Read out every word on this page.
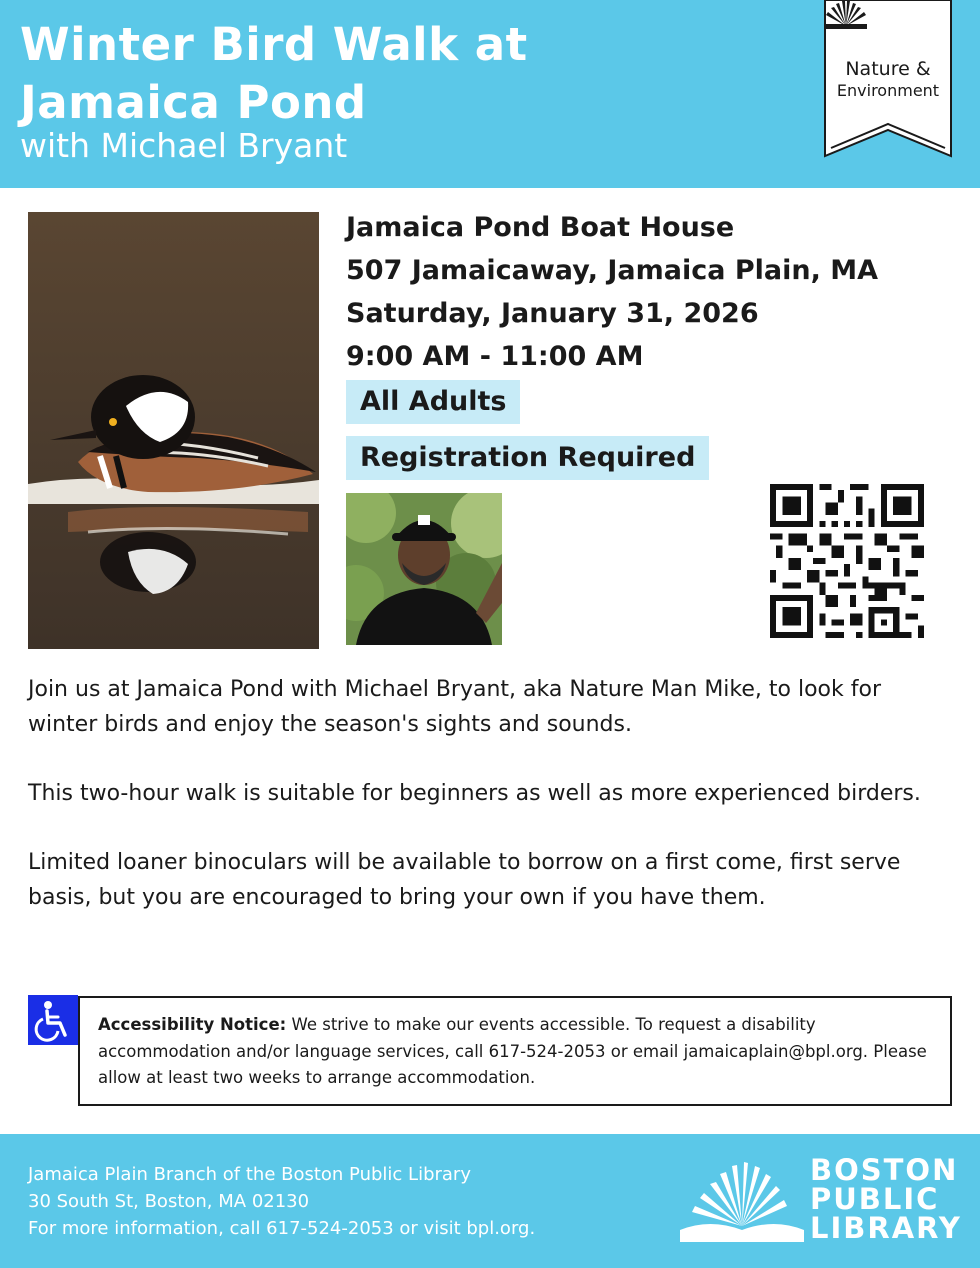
Winter Bird Walk at
Jamaica Pond
with Michael Bryant
Nature &
Environment
Jamaica Pond Boat House
507 Jamaicaway, Jamaica Plain, MA
Saturday, January 31, 2026
9:00 AM - 11:00 AM
All Adults
Registration Required

Join us at Jamaica Pond with Michael Bryant, aka Nature Man Mike, to look for winter birds and enjoy the season's sights and sounds.

This two-hour walk is suitable for beginners as well as more experienced birders.

Limited loaner binoculars will be available to borrow on a first come, first serve basis, but you are encouraged to bring your own if you have them.

Accessibility Notice: We strive to make our events accessible. To request a disability accommodation and/or language services, call 617-524-2053 or email jamaicaplain@bpl.org. Please allow at least two weeks to arrange accommodation.
Jamaica Plain Branch of the Boston Public Library
30 South St, Boston, MA 02130
For more information, call 617-524-2053 or visit bpl.org.
BOSTON
PUBLIC
LIBRARY
